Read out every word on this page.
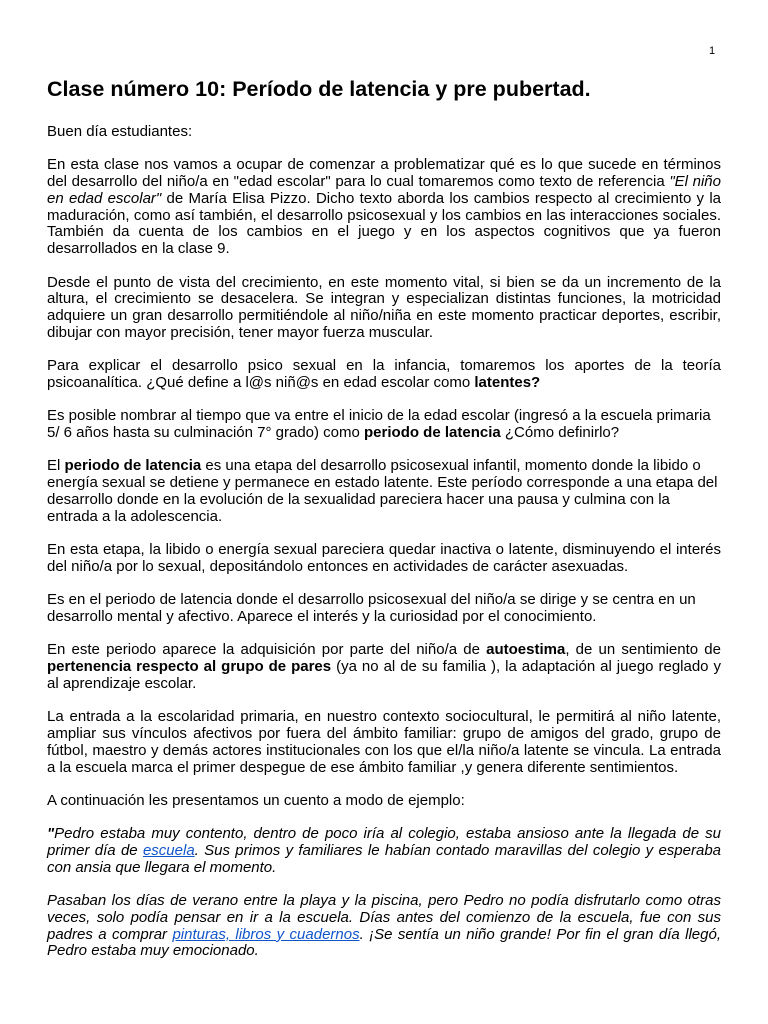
1
Clase número 10: Período de latencia y pre pubertad.

Buen día estudiantes:

En esta clase nos vamos a ocupar de comenzar a problematizar qué es lo que sucede en términos del desarrollo del niño/a en "edad escolar" para lo cual tomaremos como texto de referencia "El niño en edad escolar" de María Elisa Pizzo. Dicho texto aborda los cambios respecto al crecimiento y la maduración, como así también, el desarrollo psicosexual y los cambios en las interacciones sociales. También da cuenta de los cambios en el juego y en los aspectos cognitivos que ya fueron desarrollados en la clase 9.

Desde el punto de vista del crecimiento, en este momento vital, si bien se da un incremento de la altura, el crecimiento se desacelera. Se integran y especializan distintas funciones, la motricidad adquiere un gran desarrollo permitiéndole al niño/niña en este momento practicar deportes, escribir, dibujar con mayor precisión, tener mayor fuerza muscular.

Para explicar el desarrollo psico sexual en la infancia, tomaremos los aportes de la teoría psicoanalítica. ¿Qué define a l@s niñ@s en edad escolar como latentes?

Es posible nombrar al tiempo que va entre el inicio de la edad escolar (ingresó a la escuela primaria 5/ 6 años hasta su culminación 7° grado) como periodo de latencia ¿Cómo definirlo?

El periodo de latencia es una etapa del desarrollo psicosexual infantil, momento donde la libido o energía sexual se detiene y permanece en estado latente. Este período corresponde a una etapa del desarrollo donde en la evolución de la sexualidad pareciera hacer una pausa y culmina con la entrada a la adolescencia.

En esta etapa, la libido o energía sexual pareciera quedar inactiva o latente, disminuyendo el interés del niño/a por lo sexual, depositándolo entonces en actividades de carácter asexuadas.

Es en el periodo de latencia donde el desarrollo psicosexual del niño/a se dirige y se centra en un desarrollo mental y afectivo. Aparece el interés y la curiosidad por el conocimiento.

En este periodo aparece la adquisición por parte del niño/a de autoestima, de un sentimiento de pertenencia respecto al grupo de pares (ya no al de su familia ), la adaptación al juego reglado y al aprendizaje escolar.

La entrada a la escolaridad primaria, en nuestro contexto sociocultural, le permitirá al niño latente, ampliar sus vínculos afectivos por fuera del ámbito familiar: grupo de amigos del grado, grupo de fútbol, maestro y demás actores institucionales con los que el/la niño/a latente se vincula. La entrada a la escuela marca el primer despegue de ese ámbito familiar ,y genera diferente sentimientos.

A continuación les presentamos un cuento a modo de ejemplo:

"Pedro estaba muy contento, dentro de poco iría al colegio, estaba ansioso ante la llegada de su primer día de escuela. Sus primos y familiares le habían contado maravillas del colegio y esperaba con ansia que llegara el momento.

Pasaban los días de verano entre la playa y la piscina, pero Pedro no podía disfrutarlo como otras veces, solo podía pensar en ir a la escuela. Días antes del comienzo de la escuela, fue con sus padres a comprar pinturas, libros y cuadernos. ¡Se sentía un niño grande! Por fin el gran día llegó, Pedro estaba muy emocionado.
